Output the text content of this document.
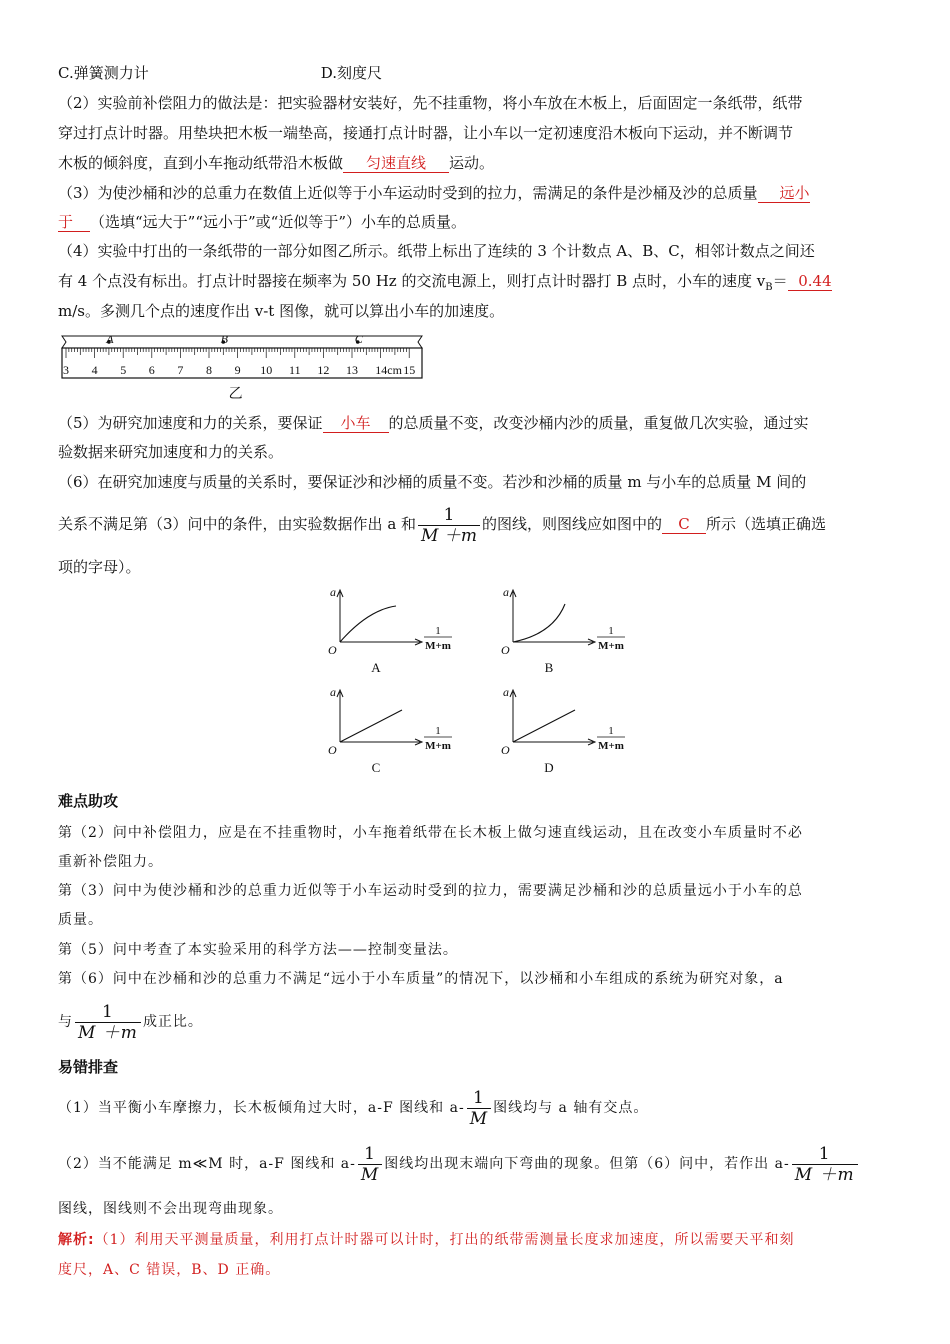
C.弹簧测力计	D.刻度尺
（2）实验前补偿阻力的做法是：把实验器材安装好，先不挂重物，将小车放在木板上，后面固定一条纸带，纸带
穿过打点计时器。用垫块把木板一端垫高，接通打点计时器，让小车以一定初速度沿木板向下运动，并不断调节
木板的倾斜度，直到小车拖动纸带沿木板做 匀速直线 运动。
（3）为使沙桶和沙的总重力在数值上近似等于小车运动时受到的拉力，需满足的条件是沙桶及沙的总质量 远小
于 （选填“远大于”“远小于”或“近似等于”）小车的总质量。
（4）实验中打出的一条纸带的一部分如图乙所示。纸带上标出了连续的 3 个计数点 A、B、C，相邻计数点之间还
有 4 个点没有标出。打点计时器接在频率为 50 Hz 的交流电源上，则打点计时器打 B 点时，小车的速度 $v_B= 0.44$
m/s。多测几个点的速度作出 v-t 图像，就可以算出小车的加速度。
3 4 5 6 7 8 9 10 11 12 13 14cm 15
A	B	C
乙
（5）为研究加速度和力的关系，要保证 小车 的总质量不变，改变沙桶内沙的质量，重复做几次实验，通过实
验数据来研究加速度和力的关系。
（6）在研究加速度与质量的关系时，要保证沙和沙桶的质量不变。若沙和沙桶的质量 m 与小车的总质量 M 间的
关系不满足第（3）问中的条件，由实验数据作出 a 和 $\frac{1}{M +m}$ 的图线，则图线应如图中的 C 所示（选填正确选
项的字母）。
a
O
1
M+m
A
a
O
1
M+m
B
a
O
1
M+m
C
a
O
1
M+m
D
难点助攻
第（2）问中补偿阻力，应是在不挂重物时，小车拖着纸带在长木板上做匀速直线运动，且在改变小车质量时不必
重新补偿阻力。
第（3）问中为使沙桶和沙的总重力近似等于小车运动时受到的拉力，需要满足沙桶和沙的总质量远小于小车的总
质量。
第（5）问中考查了本实验采用的科学方法——控制变量法。
第（6）问中在沙桶和沙的总重力不满足“远小于小车质量”的情况下，以沙桶和小车组成的系统为研究对象，a
与 $\frac{1}{M +m}$ 成正比。
易错排查
（1）当平衡小车摩擦力，长木板倾角过大时，a-F 图线和 $a- \frac{1}{M}$ 图线均与 a 轴有交点。
（2）当不能满足 m≪M 时，a-F 图线和 $a- \frac{1}{M}$ 图线均出现末端向下弯曲的现象。但第（6）问中，若作出 $a- \frac{1}{M +m}$
图线，图线则不会出现弯曲现象。
解析:（1）利用天平测量质量，利用打点计时器可以计时，打出的纸带需测量长度求加速度，所以需要天平和刻
度尺，A、C 错误，B、D 正确。
